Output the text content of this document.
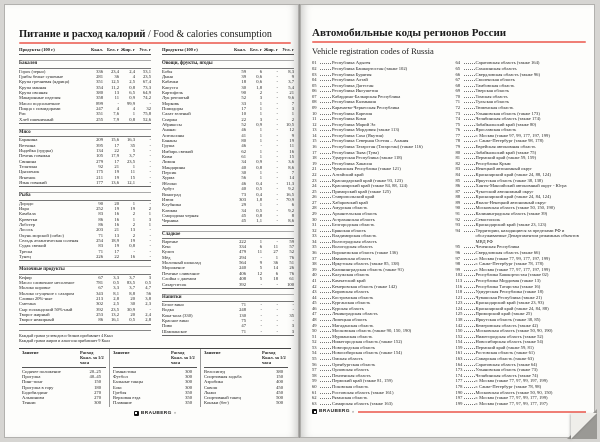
Питание и расход калорий / Food & calories consumption
Продукты (100 г)	Ккал. Бел. г Жир. г Угл. г
Бакалея
Горох (зерно)	336	23,4	2,4	53,1
Грибы белые сушеные	281	36	4	23,5
Крупа гречневая (ядрица)	351	12,5	2,5	67,4
Крупа манная	354	11,2	0,8	73,3
Крупа овсяная	380	13	6,5	64,9
Макаронные изделия	358	11	0,9	74,2
Масло подсолнечное	899	-	99,9	-
Пицца с помидорами	247	4	4	32
Рис	351	7,6	1	75,8
Хлеб пшеничный	255	7,9	0,8	52,6
Мясо
Баранина	209	15,6	16,3	-
Ветчина	395	17	35	-
Индейка (грудка)	134	22	5	-
Печень говяжья	105	17,9	3,7	-
Свинина	279	17	23,5	-
Телятина	92	21	1	-
Цыпленок	175	19	11	-
Ягненок	211	19	15	-
Язык говяжий	177	13,6	12,1	-
Рыба
Дорадо	90	20	1	-
Икра	252	19	19	2
Камбала	83	16	2	1
Креветки	86	16	1	3
Лобстер	86	16	2	1
Лосось	203	21	13	-
Окунь морской (сибас)	71	13	2	-
Сельдь атлантическая соленая	254	18,9	19	-
Судак свежий	83	19	0,8	-
Треска	71	17	-	-
Тунец	226	22	16	-
Молочные продукты
Кефир	67	3,3	3,7	3
Масло сливочное несоленое	781	0,5	83,5	0,5
Молоко коровье	67	3,3	3,7	4,7
Молоко сгущеное с сахаром	343	8,1	8,8	56
Сливки 20%-ные	213	2,8	20	3,8
Сметана	302	2,5	30	2,3
Сыр голландский 50%-ный	392	23,5	30,9	-
Творог жирный	253	13,2	20	2,4
Творог нежирный	86	16,1	0,5	2,8
Каждый грамм углеводов и белков прибавляет 4 Ккал
Каждый грамм жиров и алкоголя прибавляет 9 Ккал
Продукты (100 г)	Ккал. Бел. г Жир. г Угл. г
Овощи, фрукты, ягоды
Бобы	59	6	-	8,3
Дыня	39	0,6	-	9
Кабачки	18	0,6	-	3,7
Капуста	30	1,8	-	5,4
Картофель	90	2	-	21
Лук репчатый	52	3	-	9,6
Морковь	33	1	-	7
Помидоры	17	1	-	3
Салат зеленый	10	1	-	1
Спаржа	22	3	-	2
Абрикосы	52	0,9	-	10,5
Ананас	46	1	-	12
Апельсины	41	1	-	9
Бананы	80	1	-	19
Груша	46	-	-	11
Имбирь свежий	62	1	-	16
Киви	61	1	-	15
Лимон	34	0,9	-	3,6
Мандарины	40	0,8	-	8,6
Персик	30	1	-	7
Хурма	56	1	-	14
Яблоки	46	0,4	-	11,3
Арбуз	40	0,5	-	9,2
Виноград	73	0,4	-	16,5
Изюм	303	1,8	-	70,9
Клубника	29	1	-	6
Клюква	34	0,5	-	9,2
Смородина черная	45	0,8	-	8
Черника	45	1,1	-	8,6
Сладкое
Варенье	222	1	-	59
Кекс	334	6	11	57
Кулич	479	11	27	52
Мёд	294	-	1	76
Молочный шоколад	564	9	36	51
Мороженое	240	5	14	26
Печенье сливочное	406	12	6	76
Слойка с джемом	408	5	18	61
Сахар-песок	392	-	-	100
Напитки
Белое вино	71	-	-	-
Водка	248	-	-	-
Кока-кола (330)	130	-	-	35
Красное вино	75	-	-	-
Пиво	47	-	-	3
Шампанское	71	-	-	3
Занятие	Расход Ккал. за 1/2 часа
Сидячее положение	20–25
Прогулка	40–45
Пинг-понг	150
Прогулка в гору	180
Бодибилдинг	270
Альпинизм	270
Теннис	300
Занятие	Расход Ккал. за 1/2 часа
Гимнастика	300
Футбол	300
Бальные танцы	300
Бокс	300
Гребля	350
Верховая езда	350
Плавание	350
Занятие	Расход Ккал. за 1/2 часа
Велосипед	380
Спортивная ходьба	150
Аэробика	400
Сквош	450
Лыжи	450
Спортивный танец	500
Коньки (бег)	500
BRAUBERG ®
Автомобильные коды регионов России
Vehicle registration codes of Russia
01	Республика Адыгея
02	Республика Башкортостан (также 102)
03	Республика Бурятия
04	Республика Алтай
05	Республика Дагестан
06	Республика Ингушетия
07	Кабардино-Балкарская Республика
08	Республика Калмыкия
09	Карачаево-Черкесская Республика
10	Республика Карелия
11	Республика Коми
12	Республика Марий Эл
13	Республика Мордовия (также 113)
14	Республика Саха (Якутия)
15	Республика Северная Осетия – Алания
16	Республика Татарстан (Татарстан) (также 116)
17	Республика Тыва (Тува)
18	Удмуртская Республика (также 118)
19	Республика Хакасия
21	Чувашская Республика (также 121)
22	Алтайский край
23	Краснодарский край (также 93, 123)
24	Красноярский край (также 84, 88, 124)
25	Приморский край (также 125)
26	Ставропольский край
27	Хабаровский край
28	Амурская область
29	Архангельская область
30	Астраханская область
31	Белгородская область
32	Брянская область
33	Владимирская область
34	Волгоградская область
35	Вологодская область
36	Воронежская область (также 136)
37	Ивановская область
38	Иркутская область (также 85, 138)
39	Калининградская область (также 91)
40	Калужская область
41	Камчатский край
42	Кемеровская область (также 142)
43	Кировская область
44	Костромская область
45	Курганская область
46	Курская область
47	Ленинградская область
48	Липецкая область
49	Магаданская область
50	Московская область (также 90, 150, 190)
51	Мурманская область
52	Нижегородская область (также 152)
53	Новгородская область
54	Новосибирская область (также 154)
55	Омская область
56	Оренбургская область
57	Орловская область
58	Пензенская область
59	Пермский край (также 81, 159)
60	Псковская область
61	Ростовская область (также 161)
62	Рязанская область
63	Самарская область (также 163)
64	Саратовская область (также 164)
65	Сахалинская область
66	Свердловская область (также 96)
67	Смоленская область
68	Тамбовская область
69	Тверская область
70	Томская область
71	Тульская область
72	Тюменская область
73	Ульяновская область (также 173)
74	Челябинская область (также 174)
75	Забайкальский край (также 80)
76	Ярославская область
77	г. Москва (также 97, 99, 177, 197, 199)
78	г. Санкт-Петербург (также 98, 178)
79	Еврейская автономная область
80	Забайкальский край (также 75)
81	Пермский край (также 59, 159)
82	Республика Крым
83	Ненецкий автономный округ
84	Красноярский край (также 24, 88, 124)
85	Иркутская область (также 38, 138)
86	Ханты-Мансийский автономный округ - Югра
87	Чукотский автономный округ
88	Красноярский край (также 24, 84, 124)
89	Ямало-Ненецкий автономный округ
90	Московская область (также 50, 150, 190)
91	Калининградская область (также 39)
92	Севастополь
93	Краснодарский край (также 23, 123)
94	Территории, находящиеся за пределами РФ и обслуживаемые Департаментом режимных объектов МВД РФ
95	Чеченская Республика
96	Свердловская область (также 66)
97	г. Москва (также 77, 99, 177, 197, 199)
98	г. Санкт-Петербург (также 78, 178)
99	г. Москва (также 77, 97, 177, 197, 199)
102	Республика Башкортостан (также 02)
113	Республика Мордовия (также 13)
116	Республика Татарстан (также 16)
118	Удмуртская Республика (также 18)
121	Чувашская Республика (также 21)
123	Краснодарский край (также 23, 93)
124	Красноярский край (также 24, 84, 88)
125	Приморский край (также 25)
138	Иркутская область (также 38, 85)
142	Кемеровская область (также 42)
150	Московская область (также 50, 90, 190)
152	Нижегородская область (также 52)
154	Новосибирская область (также 54)
159	Пермский край (также 59, 81)
161	Ростовская область (также 61)
163	Самарская область (также 63)
164	Саратовская область (также 64)
173	Ульяновская область (также 73)
174	Челябинская область (также 74)
177	г. Москва (также 77, 97, 99, 197, 199)
178	г. Санкт-Петербург (также 78, 98)
190	Московская область (также 50, 90, 150)
197	г. Москва (также 77, 97, 99, 177, 199)
199	г. Москва (также 77, 97, 99, 177, 197)
BRAUBERG ®
